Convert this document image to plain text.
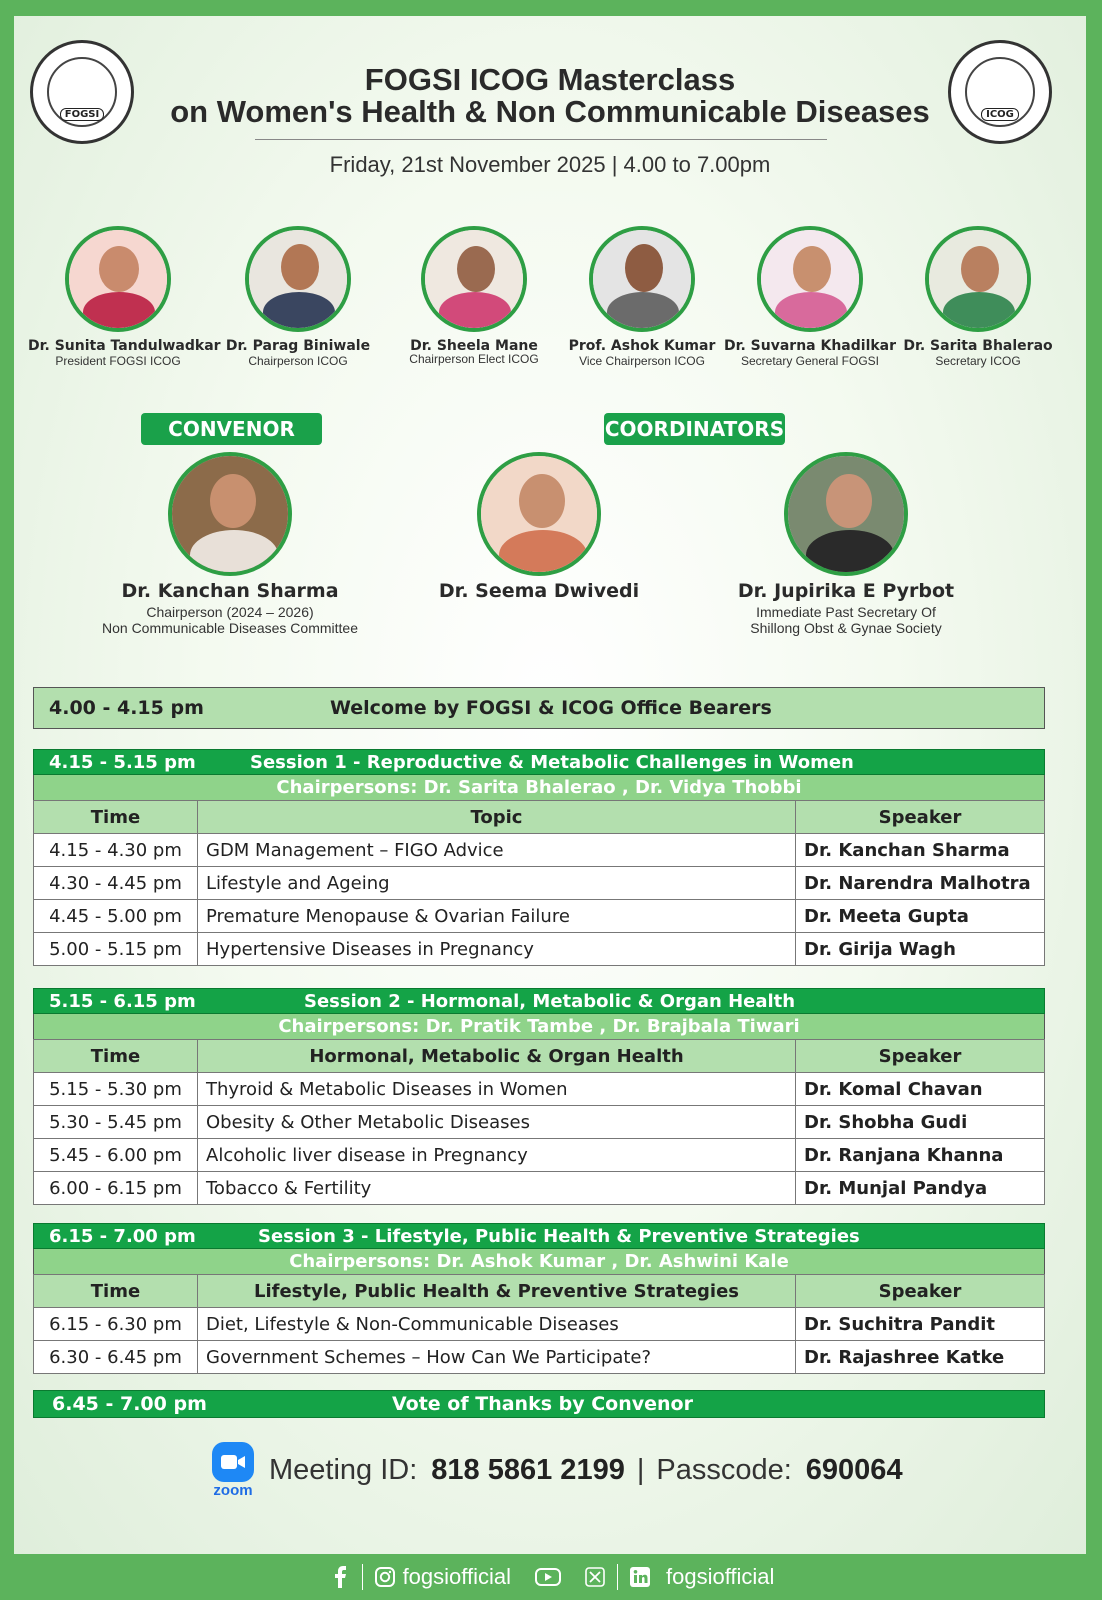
FOGSI	ICOG
FOGSI ICOG Masterclass
on Women's Health & Non Communicable Diseases
Friday, 21st November 2025 | 4.00 to 7.00pm
Dr. Sunita Tandulwadkar
President FOGSI ICOG
Dr. Parag Biniwale
Chairperson ICOG
Dr. Sheela Mane
Chairperson Elect ICOG
Prof. Ashok Kumar
Vice Chairperson ICOG
Dr. Suvarna Khadilkar
Secretary General FOGSI
Dr. Sarita Bhalerao
Secretary ICOG
CONVENOR	COORDINATORS
Dr. Kanchan Sharma
Chairperson (2024 – 2026)
Non Communicable Diseases Committee
Dr. Seema Dwivedi	Dr. Jupirika E Pyrbot
Immediate Past Secretary Of
Shillong Obst & Gynae Society
4.00 - 4.15 pm	Welcome by FOGSI & ICOG Office Bearers
4.15 - 5.15 pm	Session 1 - Reproductive & Metabolic Challenges in Women
Chairpersons: Dr. Sarita Bhalerao , Dr. Vidya Thobbi
Time	Topic	Speaker
4.15 - 4.30 pm	GDM Management – FIGO Advice	Dr. Kanchan Sharma
4.30 - 4.45 pm	Lifestyle and Ageing	Dr. Narendra Malhotra
4.45 - 5.00 pm	Premature Menopause & Ovarian Failure	Dr. Meeta Gupta
5.00 - 5.15 pm	Hypertensive Diseases in Pregnancy	Dr. Girija Wagh
5.15 - 6.15 pm	Session 2 - Hormonal, Metabolic & Organ Health
Chairpersons: Dr. Pratik Tambe , Dr. Brajbala Tiwari
Time	Hormonal, Metabolic & Organ Health	Speaker
5.15 - 5.30 pm	Thyroid & Metabolic Diseases in Women	Dr. Komal Chavan
5.30 - 5.45 pm	Obesity & Other Metabolic Diseases	Dr. Shobha Gudi
5.45 - 6.00 pm	Alcoholic liver disease in Pregnancy	Dr. Ranjana Khanna
6.00 - 6.15 pm	Tobacco & Fertility	Dr. Munjal Pandya
6.15 - 7.00 pm	Session 3 - Lifestyle, Public Health & Preventive Strategies
Chairpersons: Dr. Ashok Kumar , Dr. Ashwini Kale
Time	Lifestyle, Public Health & Preventive Strategies	Speaker
6.15 - 6.30 pm	Diet, Lifestyle & Non-Communicable Diseases	Dr. Suchitra Pandit
6.30 - 6.45 pm	Government Schemes – How Can We Participate?	Dr. Rajashree Katke
6.45 - 7.00 pm	Vote of Thanks by Convenor
zoom
Meeting ID: 818 5861 2199 | Passcode: 690064
fogsiofficial	fogsiofficial
